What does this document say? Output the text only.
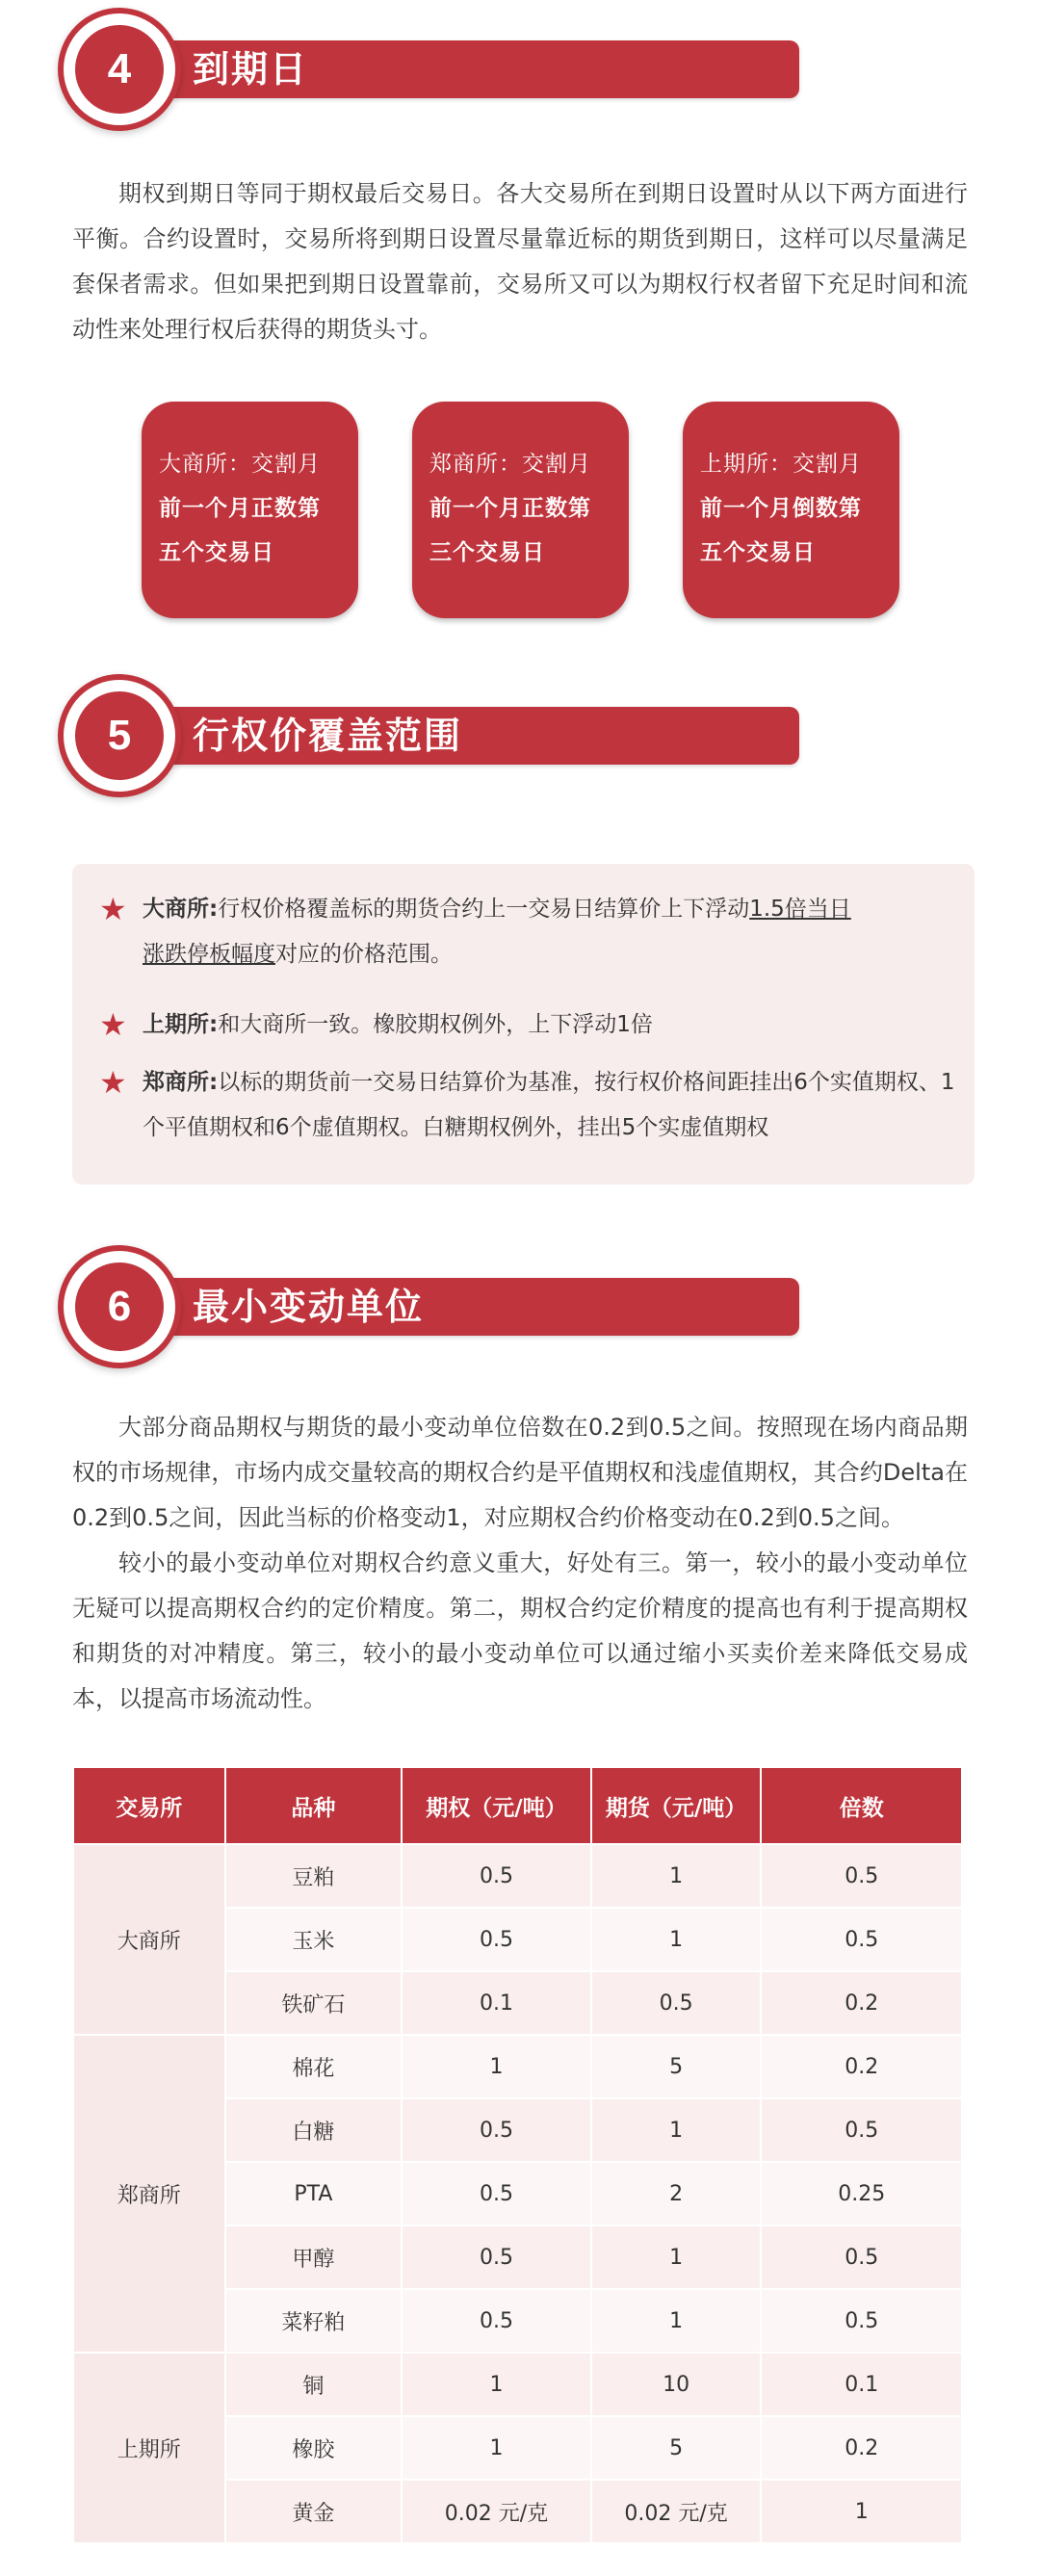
到期日
4

期权到期日等同于期权最后交易日。各大交易所在到期日设置时从以下两方面进行平衡。合约设置时，交易所将到期日设置尽量靠近标的期货到期日，这样可以尽量满足套保者需求。但如果把到期日设置靠前，交易所又可以为期权行权者留下充足时间和流动性来处理行权后获得的期货头寸。

大商所：交割月
前一个月正数第
五个交易日
郑商所：交割月
前一个月正数第
三个交易日
上期所：交割月
前一个月倒数第
五个交易日
行权价覆盖范围
5
★ 大商所:行权价格覆盖标的期货合约上一交易日结算价上下浮动1.5倍当日
涨跌停板幅度对应的价格范围。
★ 上期所:和大商所一致。橡胶期权例外，上下浮动1倍
★ 郑商所:以标的期货前一交易日结算价为基准，按行权价格间距挂出6个实值期权、1个平值期权和6个虚值期权。白糖期权例外，挂出5个实虚值期权
最小变动单位
6

大部分商品期权与期货的最小变动单位倍数在0.2到0.5之间。按照现在场内商品期权的市场规律，市场内成交量较高的期权合约是平值期权和浅虚值期权，其合约Delta在0.2到0.5之间，因此当标的价格变动1，对应期权合约价格变动在0.2到0.5之间。

较小的最小变动单位对期权合约意义重大，好处有三。第一，较小的最小变动单位无疑可以提高期权合约的定价精度。第二，期权合约定价精度的提高也有利于提高期权和期货的对冲精度。第三，较小的最小变动单位可以通过缩小买卖价差来降低交易成本，以提高市场流动性。

交易所	品种	期权（元/吨）	期货（元/吨）	倍数
大商所	豆粕	0.5	1	0.5
	玉米	0.5	1	0.5
	铁矿石	0.1	0.5	0.2
郑商所	棉花	1	5	0.2
	白糖	0.5	1	0.5
	PTA	0.5	2	0.25
	甲醇	0.5	1	0.5
	菜籽粕	0.5	1	0.5
上期所	铜	1	10	0.1
	橡胶	1	5	0.2
	黄金	0.02 元/克	0.02 元/克	1
